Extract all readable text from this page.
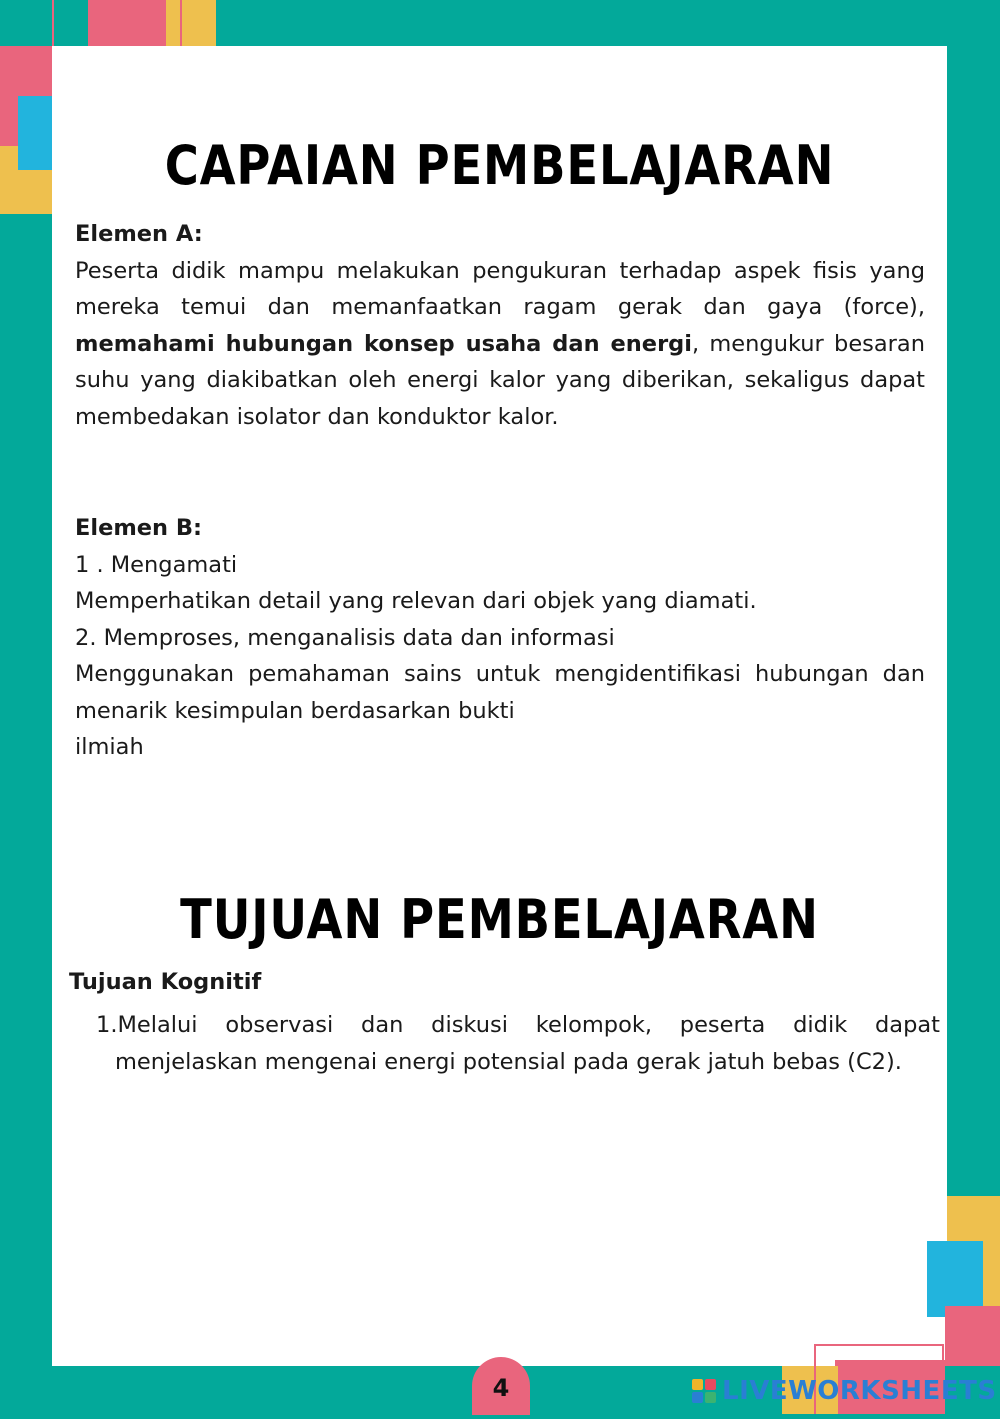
CAPAIAN PEMBELAJARAN
Elemen A:
Peserta didik mampu melakukan pengukuran terhadap aspek fisis yang mereka temui dan memanfaatkan ragam gerak dan gaya (force), memahami hubungan konsep usaha dan energi, mengukur besaran suhu yang diakibatkan oleh energi kalor yang diberikan, sekaligus dapat membedakan isolator dan konduktor kalor.
Elemen B:
1 . Mengamati
Memperhatikan detail yang relevan dari objek yang diamati.
2. Memproses, menganalisis data dan informasi
Menggunakan pemahaman sains untuk mengidentifikasi hubungan dan menarik kesimpulan berdasarkan bukti
ilmiah
TUJUAN PEMBELAJARAN
Tujuan Kognitif
1.Melalui observasi dan diskusi kelompok, peserta didik dapat menjelaskan mengenai energi potensial pada gerak jatuh bebas (C2).
4	LIVEWORKSHEETS
